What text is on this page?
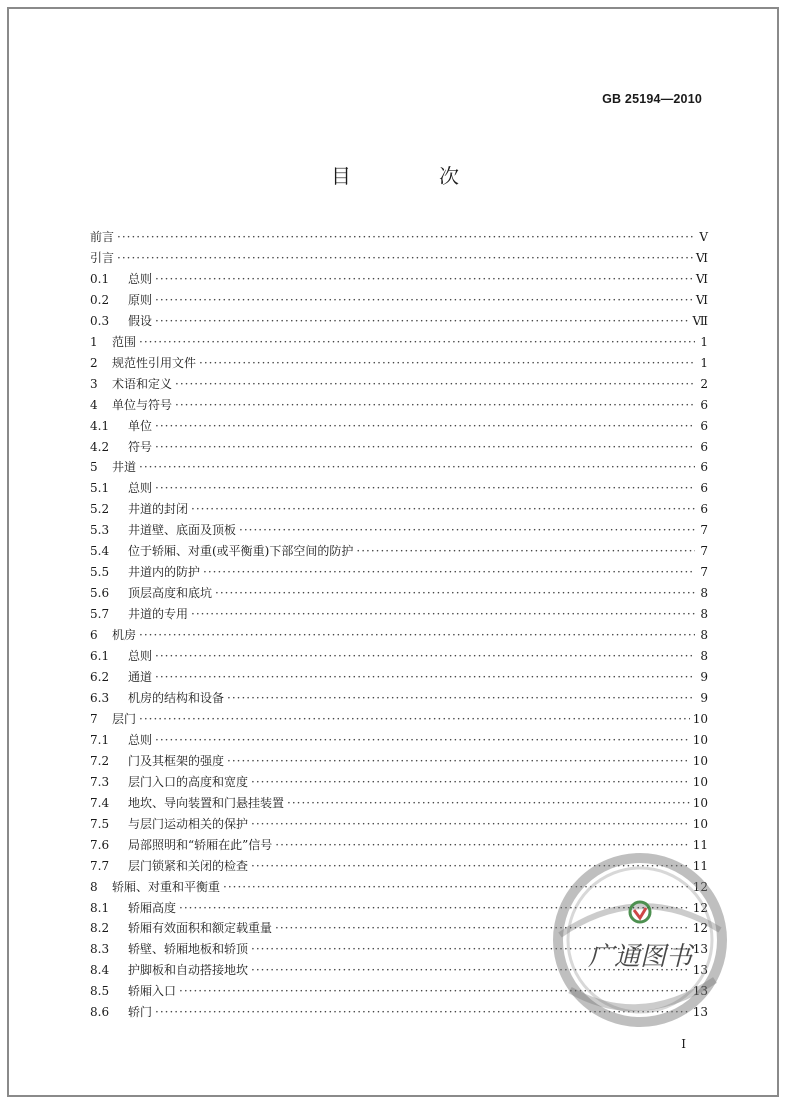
GB 25194—2010
目　次
前言 ·····	Ⅴ
引言 ·····	Ⅵ
0.1	总则 ·····	Ⅵ
0.2	原则 ·····	Ⅵ
0.3	假设 ·····	Ⅶ
1	范围 ·····	1
2	规范性引用文件 ·····	1
3	术语和定义 ·····	2
4	单位与符号 ·····	6
4.1	单位 ·····	6
4.2	符号 ·····	6
5	井道 ·····	6
5.1	总则 ·····	6
5.2	井道的封闭 ·····	6
5.3	井道壁、底面及顶板 ·····	7
5.4	位于轿厢、对重(或平衡重)下部空间的防护 ·····	7
5.5	井道内的防护 ·····	7
5.6	顶层高度和底坑 ·····	8
5.7	井道的专用 ·····	8
6	机房 ·····	8
6.1	总则 ·····	8
6.2	通道 ·····	9
6.3	机房的结构和设备 ·····	9
7	层门 ·····	10
7.1	总则 ·····	10
7.2	门及其框架的强度 ·····	10
7.3	层门入口的高度和宽度 ·····	10
7.4	地坎、导向装置和门悬挂装置 ·····	10
7.5	与层门运动相关的保护 ·····	10
7.6	局部照明和“轿厢在此”信号 ·····	11
7.7	层门锁紧和关闭的检查 ·····	11
8	轿厢、对重和平衡重 ·····	12
8.1	轿厢高度 ·····	12
8.2	轿厢有效面积和额定载重量 ·····	12
8.3	轿壁、轿厢地板和轿顶 ·····	13
8.4	护脚板和自动搭接地坎 ·····	13
8.5	轿厢入口 ·····	13
8.6	轿门 ·····	13
Ⅰ
广通图书
